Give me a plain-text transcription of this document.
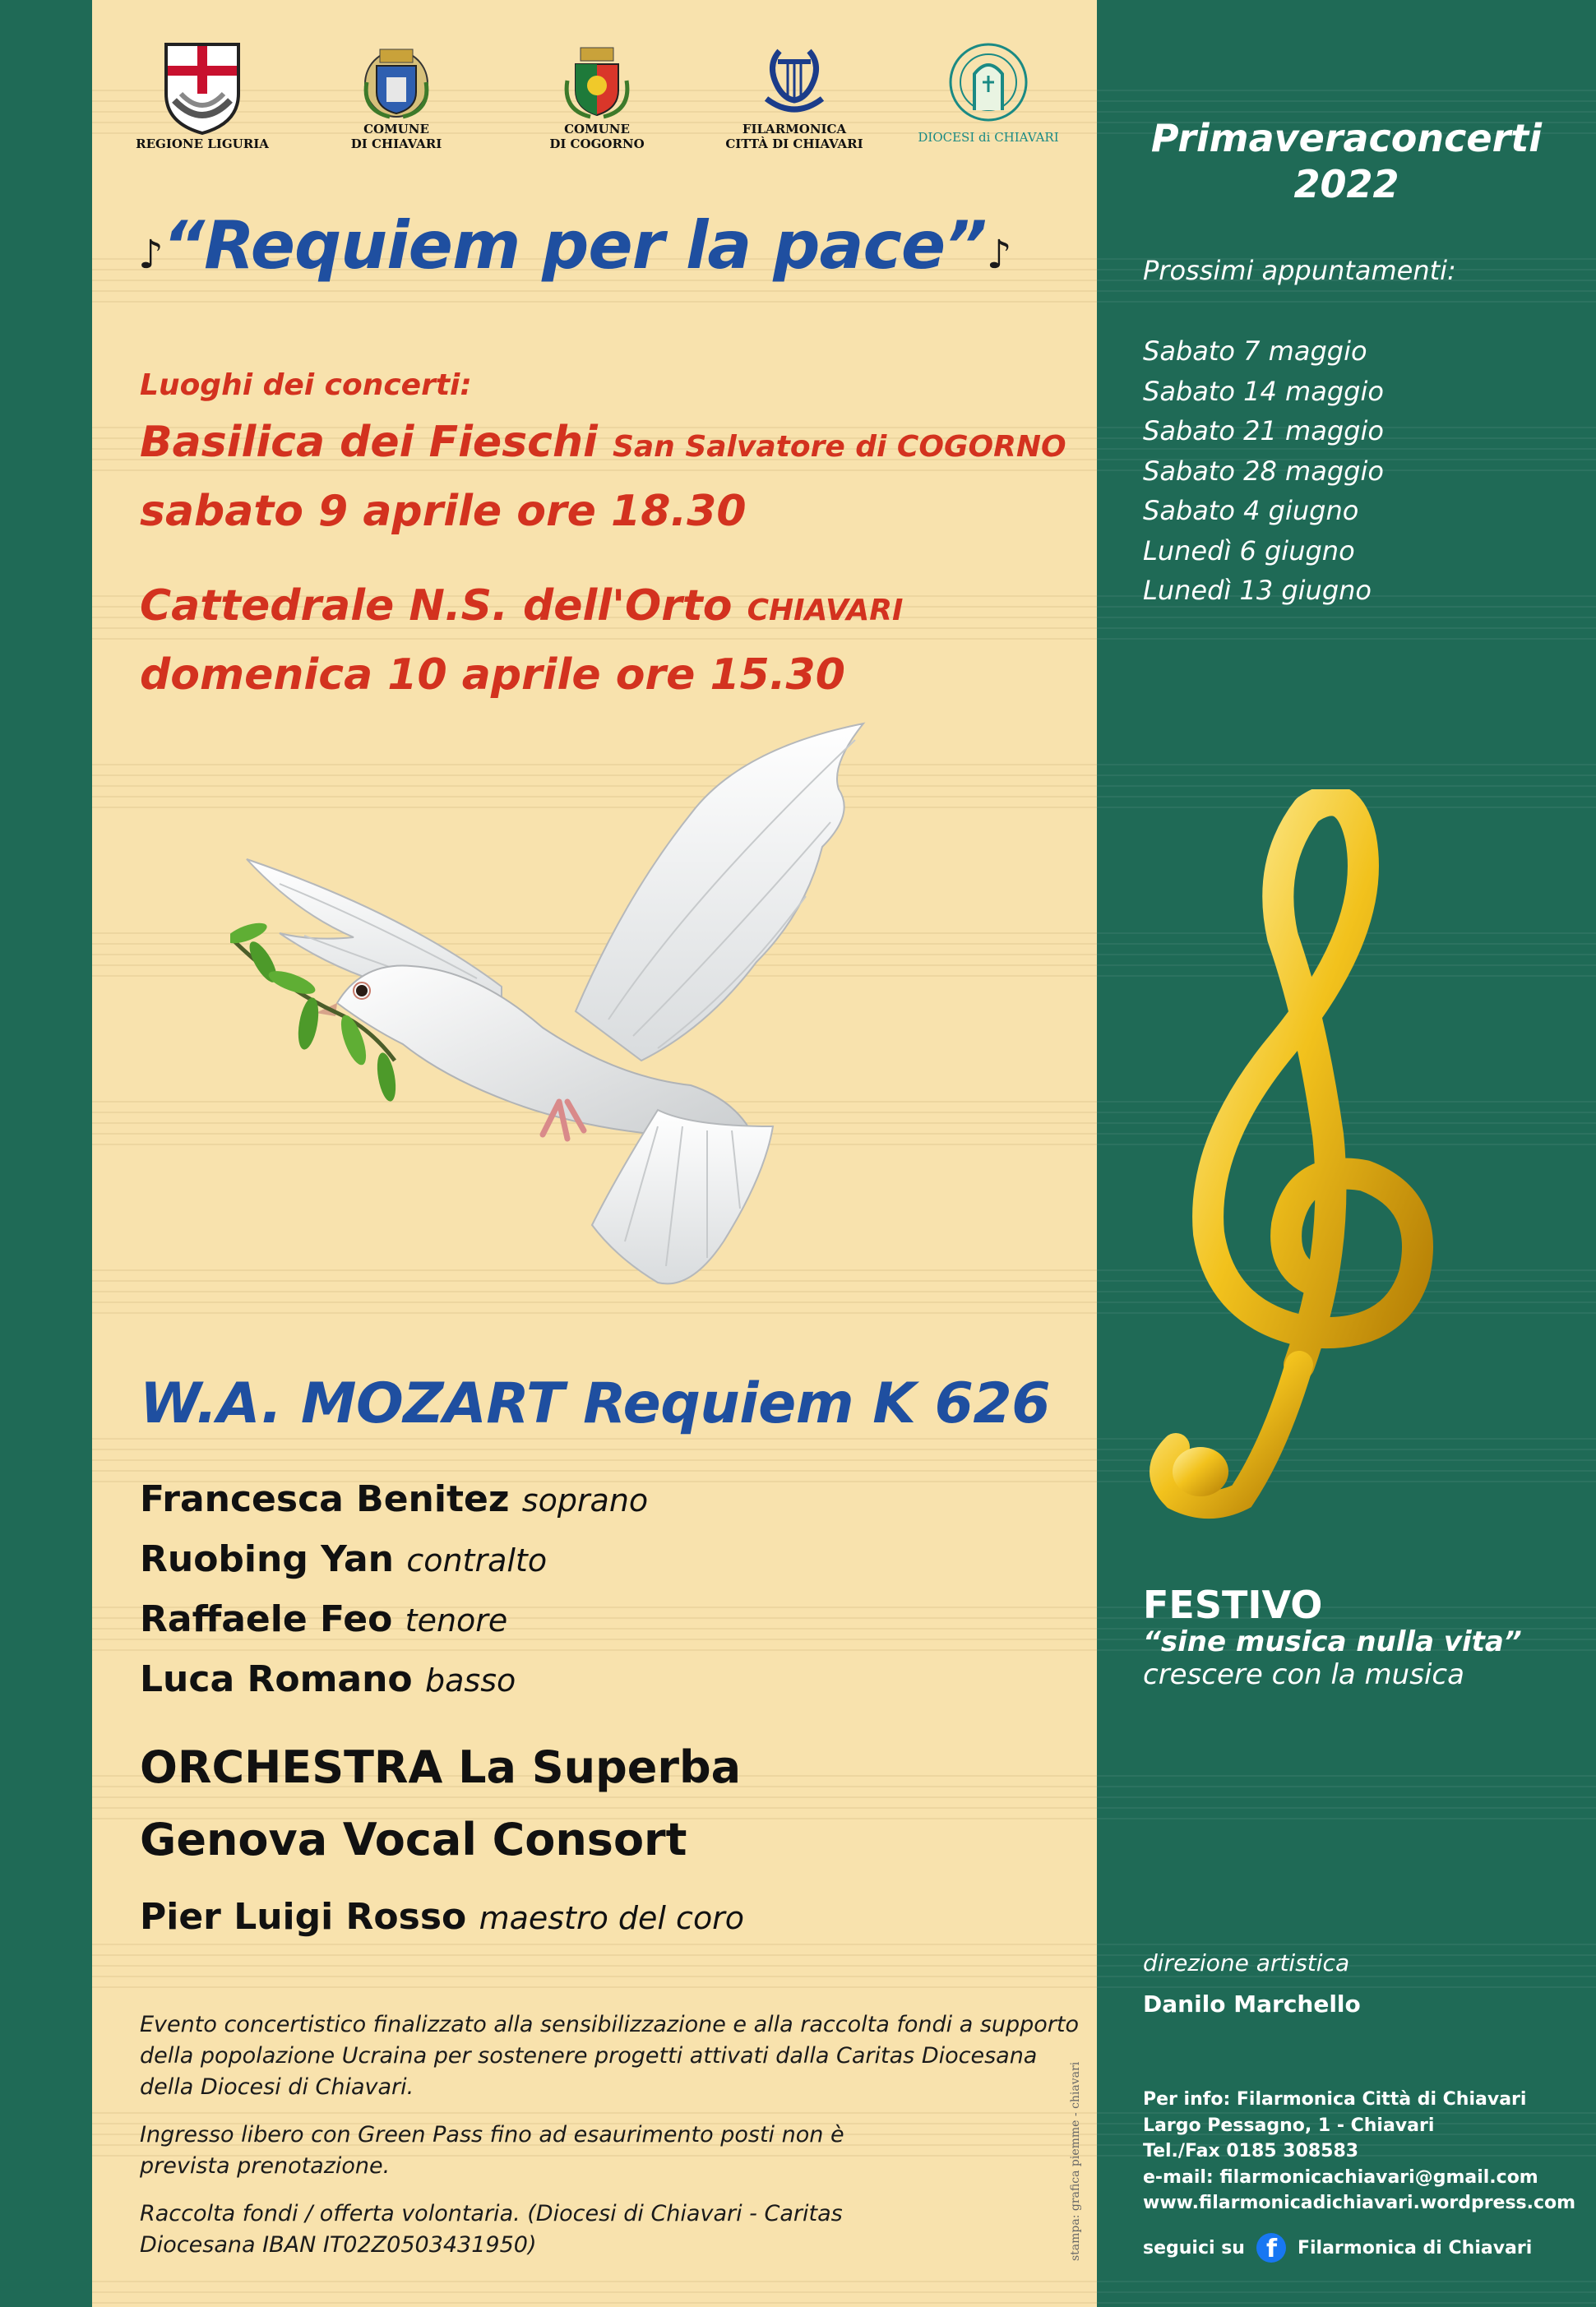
REGIONE LIGURIA
COMUNE
DI CHIAVARI
COMUNE
DI COGORNO
FILARMONICA
CITTÀ DI CHIAVARI	DIOCESI di CHIAVARI
♪“Requiem per la pace”♪
Luoghi dei concerti:
Basilica dei Fieschi San Salvatore di COGORNO
sabato 9 aprile ore 18.30
Cattedrale N.S. dell'Orto CHIAVARI
domenica 10 aprile ore 15.30
W.A. MOZART Requiem K 626
Francesca Benitez soprano
Ruobing Yan contralto
Raffaele Feo tenore
Luca Romano basso
ORCHESTRA La Superba
Genova Vocal Consort
Pier Luigi Rosso maestro del coro
Evento concertistico finalizzato alla sensibilizzazione e alla raccolta fondi a supporto della popolazione Ucraina per sostenere progetti attivati dalla Caritas Diocesana della Diocesi di Chiavari.
Ingresso libero con Green Pass fino ad esaurimento posti non è prevista prenotazione.
Raccolta fondi / offerta volontaria. (Diocesi di Chiavari - Caritas Diocesana IBAN IT02Z0503431950)	stampa: grafica piemme - chiavari
Primaveraconcerti
2022
Prossimi appuntamenti:
Sabato 7 maggio
Sabato 14 maggio
Sabato 21 maggio
Sabato 28 maggio
Sabato 4 giugno
Lunedì 6 giugno
Lunedì 13 giugno
FESTIVO
“sine musica nulla vita”
crescere con la musica
direzione artistica
Danilo Marchello
Per info: Filarmonica Città di Chiavari
Largo Pessagno, 1 - Chiavari
Tel./Fax 0185 308583
e-mail: filarmonicachiavari@gmail.com
www.filarmonicadichiavari.wordpress.com
seguici su f Filarmonica di Chiavari
